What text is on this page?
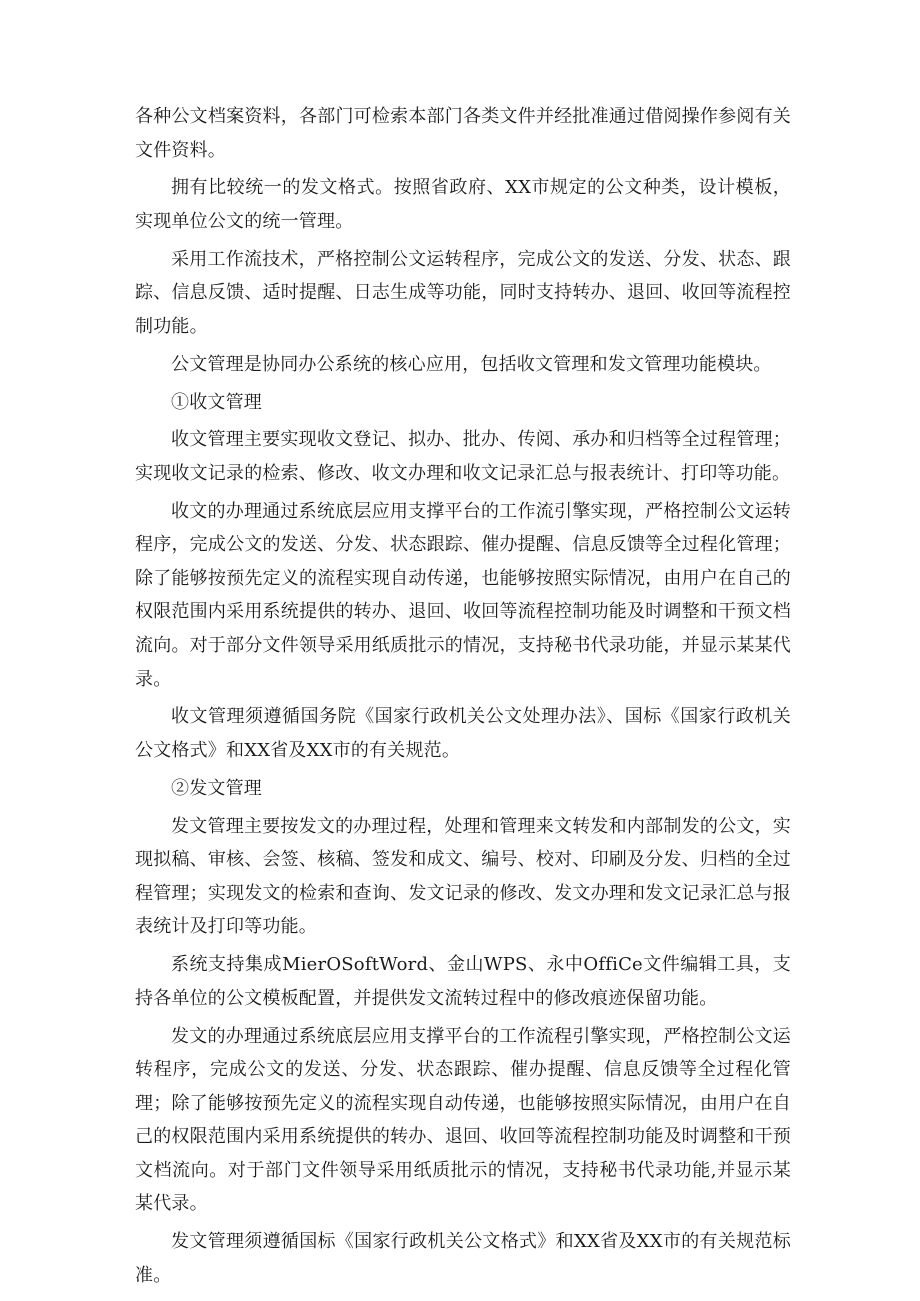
各种公文档案资料，各部门可检索本部门各类文件并经批准通过借阅操作参阅有关文件资料。

拥有比较统一的发文格式。按照省政府、XX市规定的公文种类，设计模板，实现单位公文的统一管理。

采用工作流技术，严格控制公文运转程序，完成公文的发送、分发、状态、跟踪、信息反馈、适时提醒、日志生成等功能，同时支持转办、退回、收回等流程控制功能。

公文管理是协同办公系统的核心应用，包括收文管理和发文管理功能模块。

①收文管理

收文管理主要实现收文登记、拟办、批办、传阅、承办和归档等全过程管理；实现收文记录的检索、修改、收文办理和收文记录汇总与报表统计、打印等功能。

收文的办理通过系统底层应用支撑平台的工作流引擎实现，严格控制公文运转程序，完成公文的发送、分发、状态跟踪、催办提醒、信息反馈等全过程化管理；除了能够按预先定义的流程实现自动传递，也能够按照实际情况，由用户在自己的权限范围内采用系统提供的转办、退回、收回等流程控制功能及时调整和干预文档流向。对于部分文件领导采用纸质批示的情况，支持秘书代录功能，并显示某某代录。

收文管理须遵循国务院《国家行政机关公文处理办法》、国标《国家行政机关公文格式》和XX省及XX市的有关规范。

②发文管理

发文管理主要按发文的办理过程，处理和管理来文转发和内部制发的公文，实现拟稿、审核、会签、核稿、签发和成文、编号、校对、印刷及分发、归档的全过程管理；实现发文的检索和查询、发文记录的修改、发文办理和发文记录汇总与报表统计及打印等功能。

系统支持集成MierOSoftWord、金山WPS、永中OffiCe文件编辑工具，支持各单位的公文模板配置，并提供发文流转过程中的修改痕迹保留功能。

发文的办理通过系统底层应用支撑平台的工作流程引擎实现，严格控制公文运转程序，完成公文的发送、分发、状态跟踪、催办提醒、信息反馈等全过程化管理；除了能够按预先定义的流程实现自动传递，也能够按照实际情况，由用户在自己的权限范围内采用系统提供的转办、退回、收回等流程控制功能及时调整和干预文档流向。对于部门文件领导采用纸质批示的情况，支持秘书代录功能,并显示某某代录。

发文管理须遵循国标《国家行政机关公文格式》和XX省及XX市的有关规范标准。
